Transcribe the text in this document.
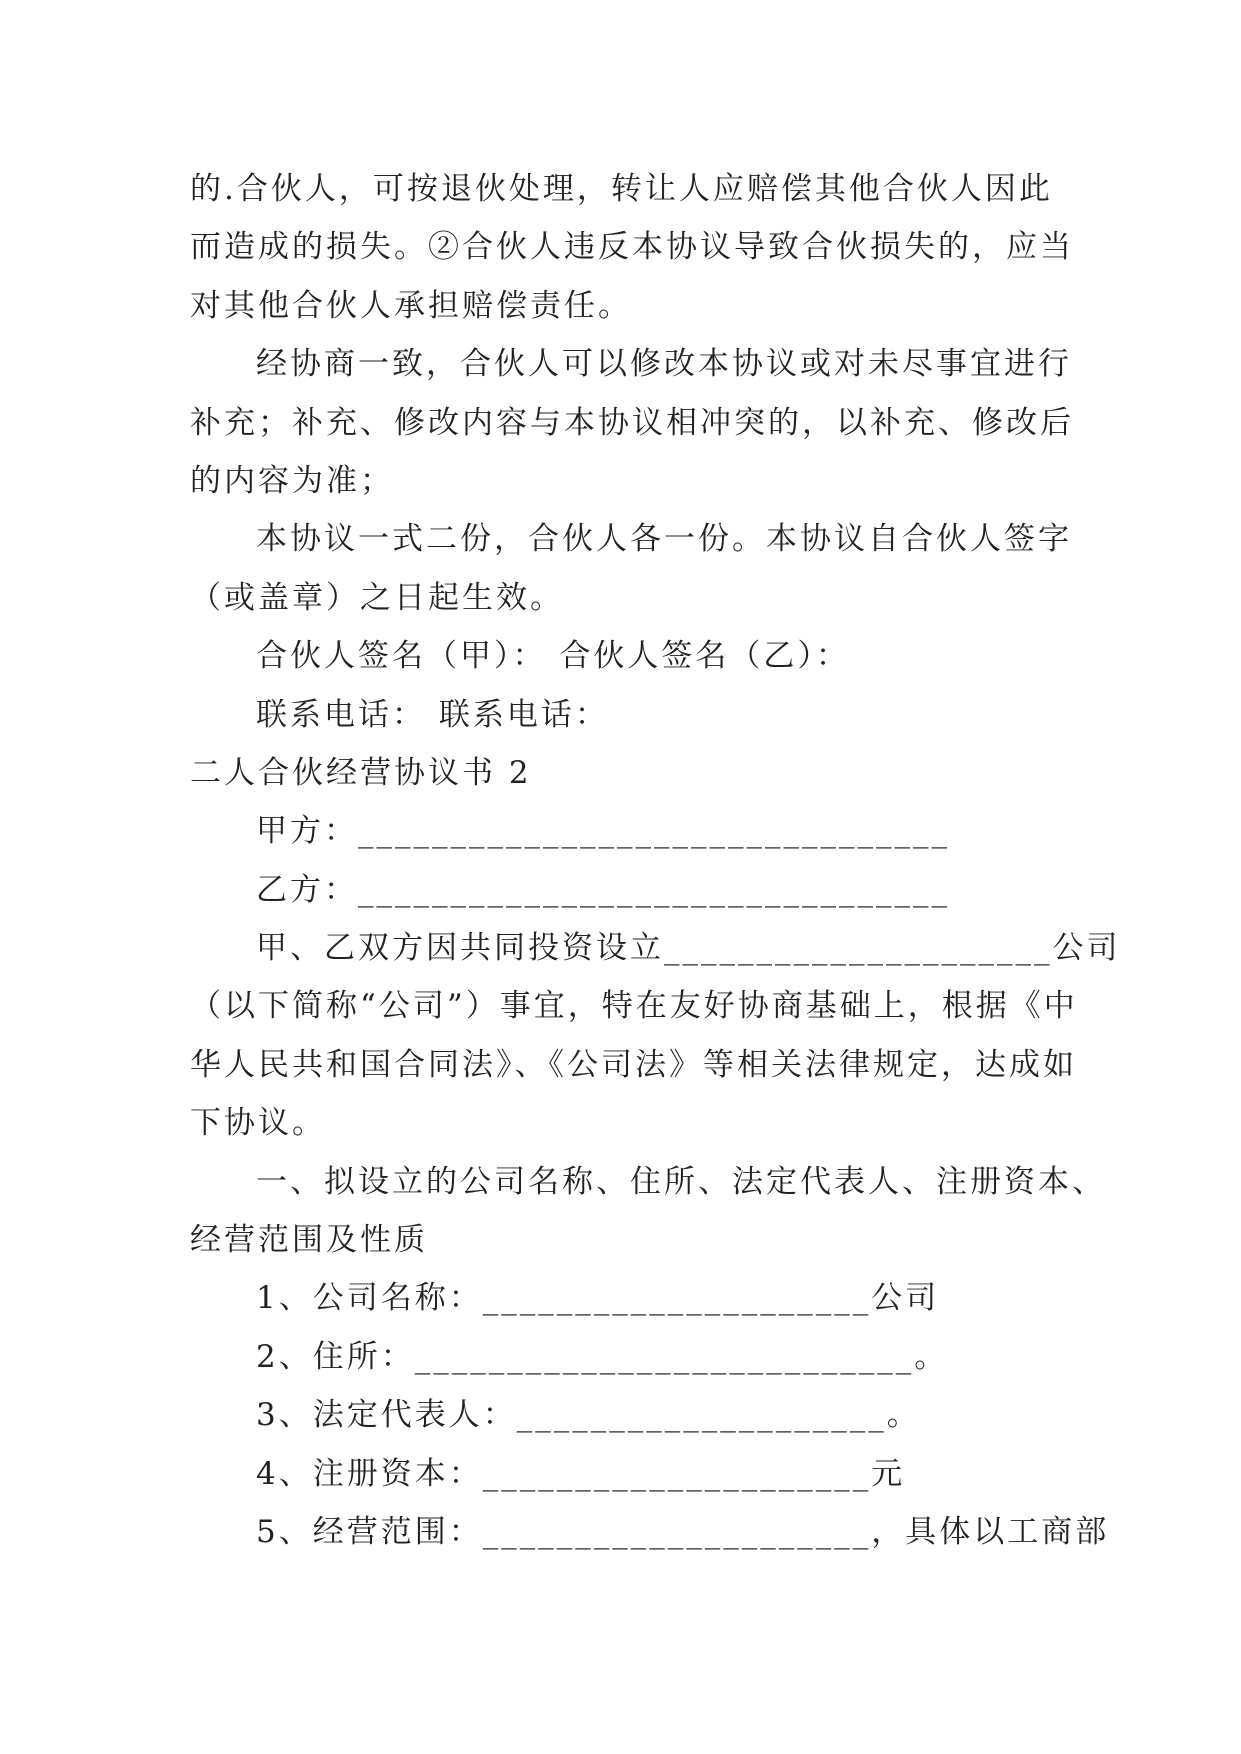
的.合伙人，可按退伙处理，转让人应赔偿其他合伙人因此
而造成的损失。②合伙人违反本协议导致合伙损失的，应当
对其他合伙人承担赔偿责任。
经协商一致，合伙人可以修改本协议或对未尽事宜进行
补充；补充、修改内容与本协议相冲突的，以补充、修改后
的内容为准；
本协议一式二份，合伙人各一份。本协议自合伙人签字
（或盖章）之日起生效。
合伙人签名（甲）： 合伙人签名（乙）：
联系电话： 联系电话：
二人合伙经营协议书 2
甲方：________________________________
乙方：________________________________
甲、乙双方因共同投资设立_____________________公司
（以下简称“公司”）事宜，特在友好协商基础上，根据《中
华人民共和国合同法》、《公司法》等相关法律规定，达成如
下协议。
一、拟设立的公司名称、住所、法定代表人、注册资本、
经营范围及性质
1、公司名称：_____________________公司
2、住所：___________________________。
3、法定代表人：____________________。
4、注册资本：_____________________元
5、经营范围：_____________________，具体以工商部
